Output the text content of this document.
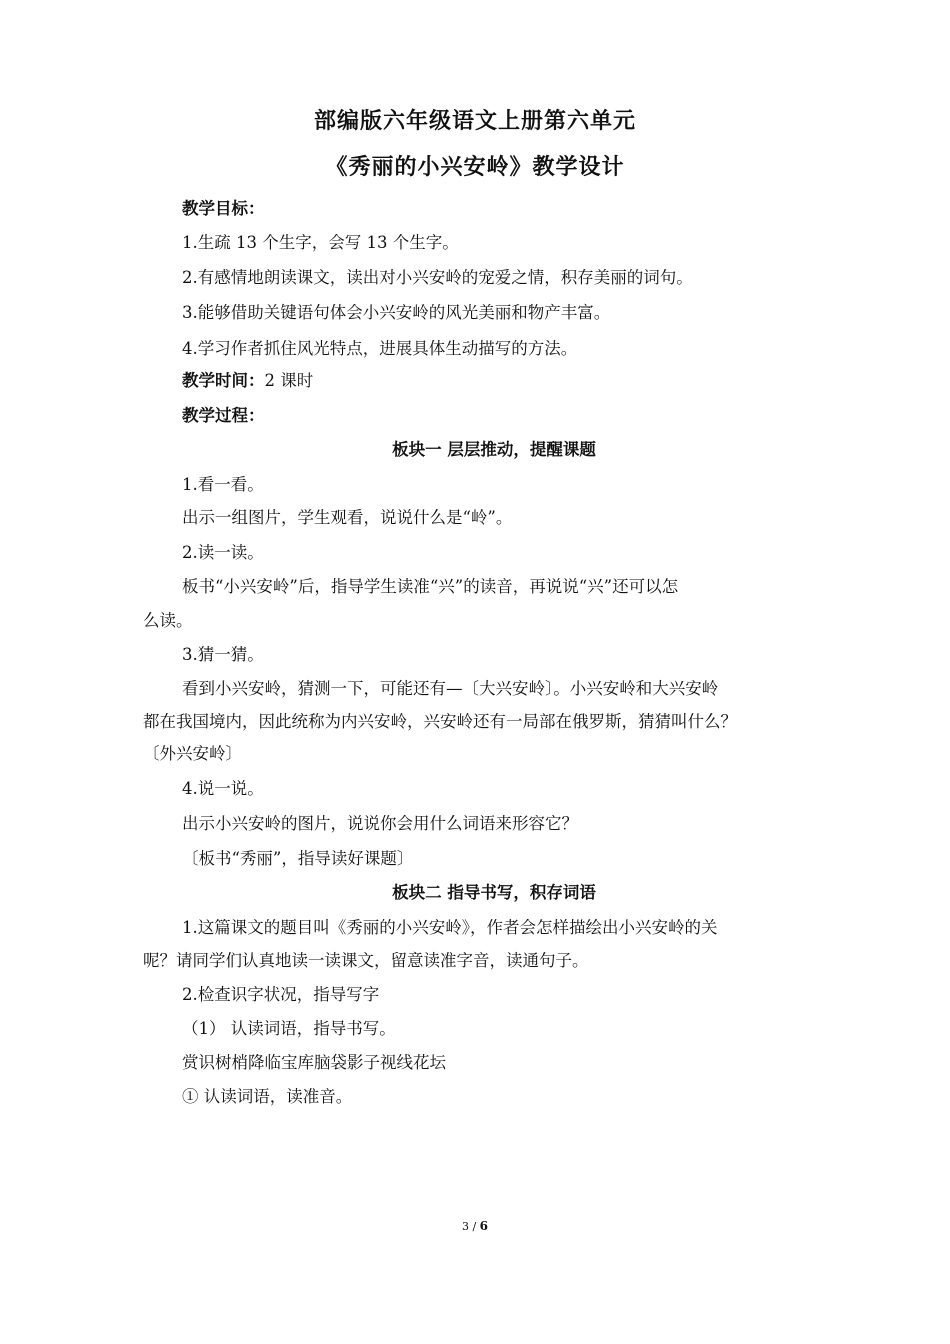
部编版六年级语文上册第六单元
《秀丽的小兴安岭》教学设计
教学目标：
1.生疏 13 个生字，会写 13 个生字。
2.有感情地朗读课文，读出对小兴安岭的宠爱之情，积存美丽的词句。
3.能够借助关键语句体会小兴安岭的风光美丽和物产丰富。
4.学习作者抓住风光特点，进展具体生动描写的方法。
教学时间：2 课时
教学过程：
板块一 层层推动，提醒课题
1.看一看。
出示一组图片，学生观看，说说什么是“岭”。
2.读一读。
板书“小兴安岭”后，指导学生读准“兴”的读音，再说说“兴”还可以怎
么读。
3.猜一猜。
看到小兴安岭，猜测一下，可能还有—〔大兴安岭〕。小兴安岭和大兴安岭
都在我国境内，因此统称为内兴安岭，兴安岭还有一局部在俄罗斯，猜猜叫什么？
〔外兴安岭〕
4.说一说。
出示小兴安岭的图片，说说你会用什么词语来形容它？
〔板书“秀丽”，指导读好课题〕
板块二 指导书写，积存词语
1.这篇课文的题目叫《秀丽的小兴安岭》，作者会怎样描绘出小兴安岭的关
呢？请同学们认真地读一读课文，留意读准字音，读通句子。
2.检查识字状况，指导写字
（1） 认读词语，指导书写。
赏识树梢降临宝库脑袋影子视线花坛
① 认读词语，读准音。
3 / 6
